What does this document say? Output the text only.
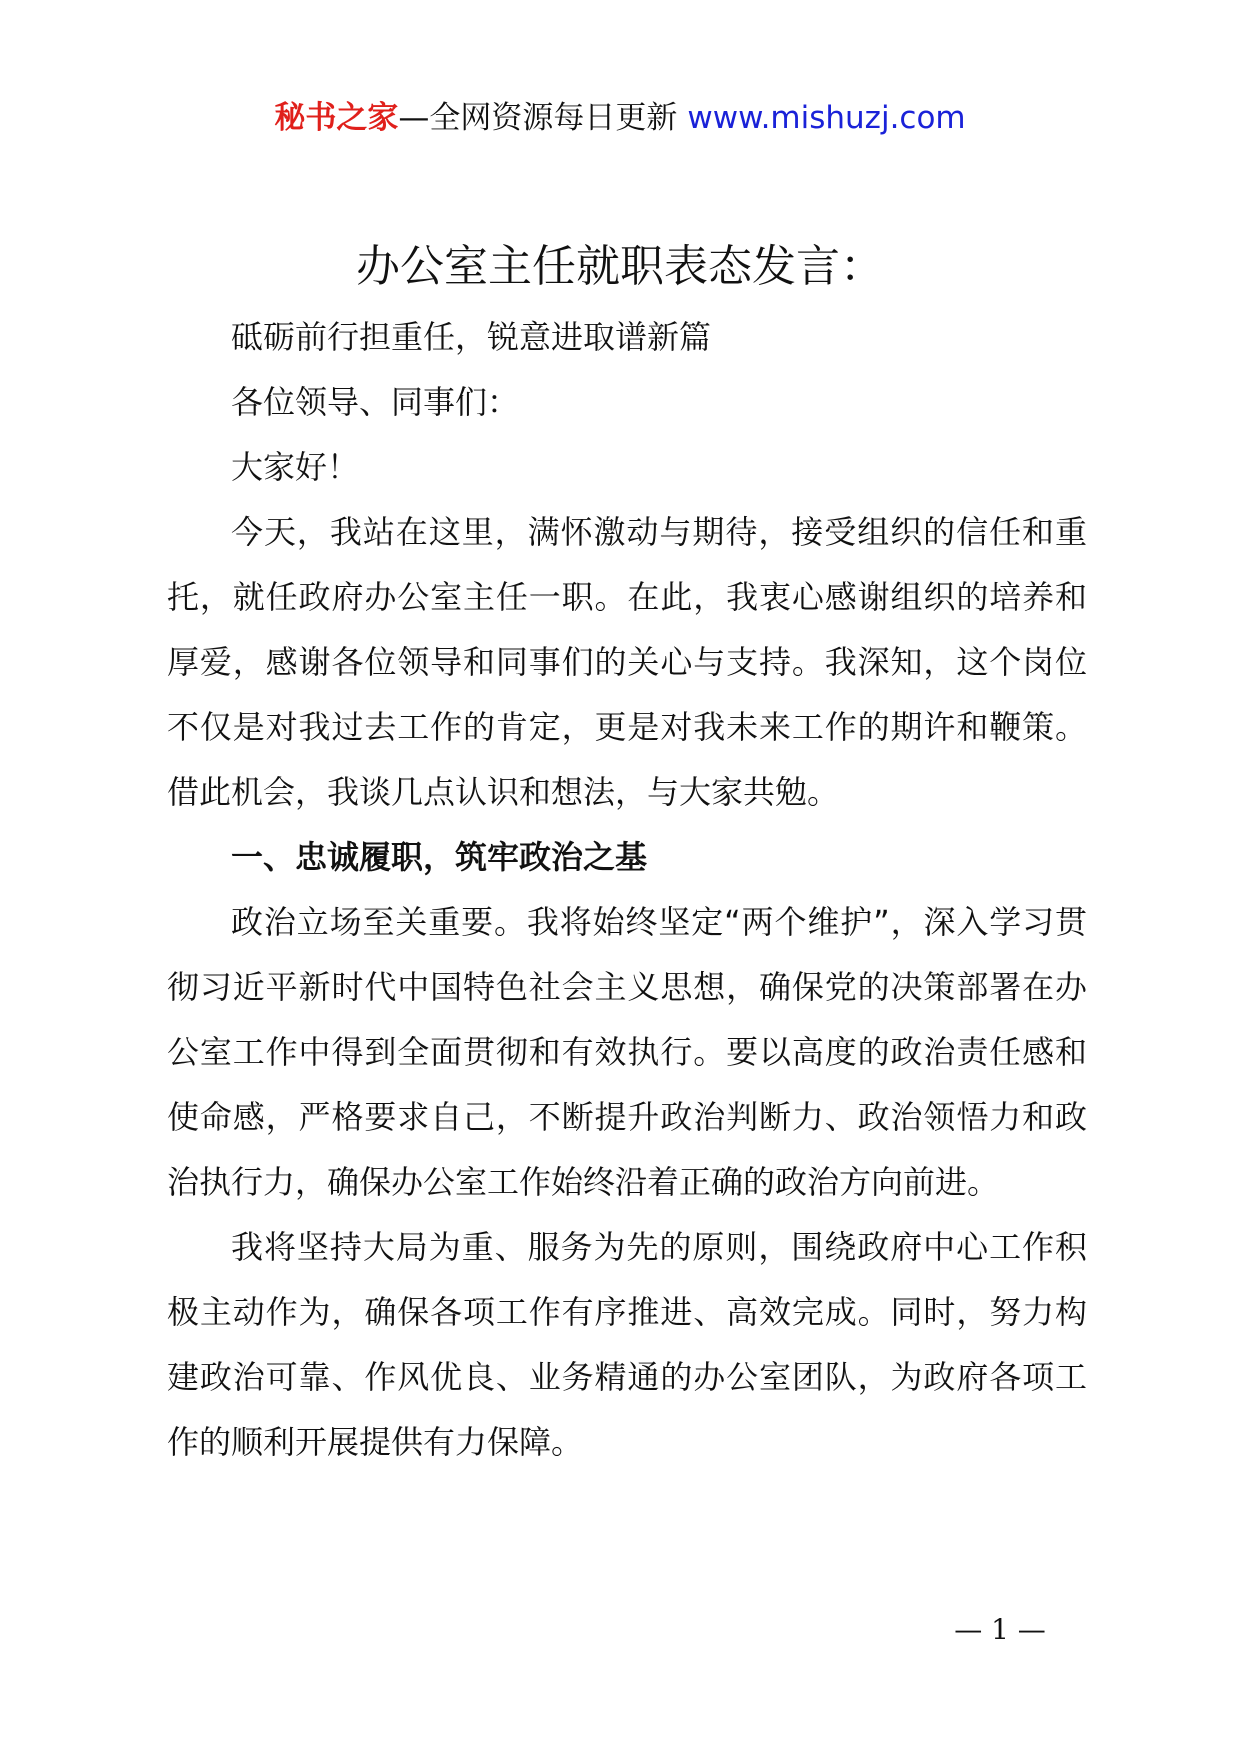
秘书之家—全网资源每日更新 www.mishuzj.com
办公室主任就职表态发言：

砥砺前行担重任，锐意进取谱新篇

各位领导、同事们：

大家好！

今天，我站在这里，满怀激动与期待，接受组织的信任和重托，就任政府办公室主任一职。在此，我衷心感谢组织的培养和厚爱，感谢各位领导和同事们的关心与支持。我深知，这个岗位不仅是对我过去工作的肯定，更是对我未来工作的期许和鞭策。借此机会，我谈几点认识和想法，与大家共勉。

一、忠诚履职，筑牢政治之基

政治立场至关重要。我将始终坚定“两个维护”，深入学习贯彻习近平新时代中国特色社会主义思想，确保党的决策部署在办公室工作中得到全面贯彻和有效执行。要以高度的政治责任感和使命感，严格要求自己，不断提升政治判断力、政治领悟力和政治执行力，确保办公室工作始终沿着正确的政治方向前进。

我将坚持大局为重、服务为先的原则，围绕政府中心工作积极主动作为，确保各项工作有序推进、高效完成。同时，努力构建政治可靠、作风优良、业务精通的办公室团队，为政府各项工作的顺利开展提供有力保障。

— 1 —
